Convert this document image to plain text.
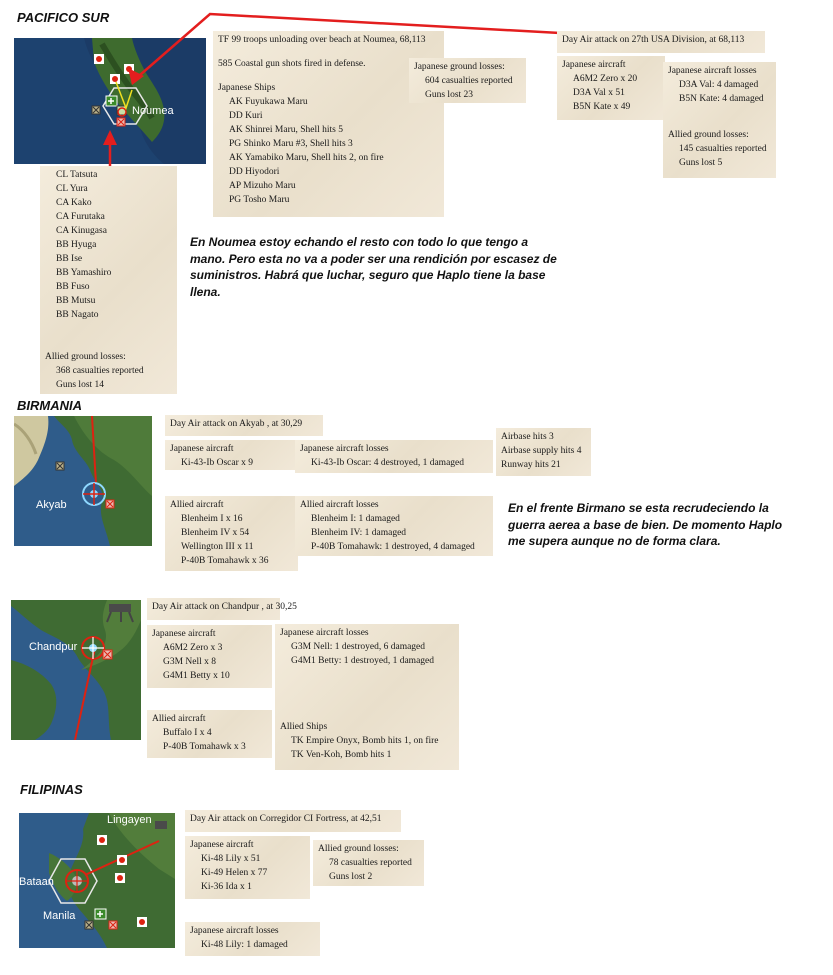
PACIFICO SUR
Noumea
TF 99 troops unloading over beach at Noumea, 68,113
585 Coastal gun shots fired in defense.
Japanese Ships
AK Fuyukawa Maru
DD Kuri
AK Shinrei Maru, Shell hits 5
PG Shinko Maru #3, Shell hits 3
AK Yamabiko Maru, Shell hits 2, on fire
DD Hiyodori
AP Mizuho Maru
PG Tosho Maru
Japanese ground losses:
604 casualties reported
Guns lost 23
CL Tatsuta
CL Yura
CA Kako
CA Furutaka
CA Kinugasa
BB Hyuga
BB Ise
BB Yamashiro
BB Fuso
BB Mutsu
BB Nagato
Allied ground losses:
368 casualties reported
Guns lost 14
Day Air attack on 27th USA Division, at 68,113
Japanese aircraft
A6M2 Zero x 20
D3A Val x 51
B5N Kate x 49
Japanese aircraft losses
D3A Val: 4 damaged
B5N Kate: 4 damaged
Allied ground losses:
145 casualties reported
Guns lost 5
En Noumea estoy echando el resto con todo lo que tengo a mano. Pero esta no va a poder ser una rendición por escasez de suministros. Habrá que luchar, seguro que Haplo tiene la base llena.
BIRMANIA
Akyab
Day Air attack on Akyab , at 30,29
Japanese aircraft
Ki-43-Ib Oscar x 9
Allied aircraft
Blenheim I x 16
Blenheim IV x 54
Wellington III x 11
P-40B Tomahawk x 36
Japanese aircraft losses
Ki-43-Ib Oscar: 4 destroyed, 1 damaged
Allied aircraft losses
Blenheim I: 1 damaged
Blenheim IV: 1 damaged
P-40B Tomahawk: 1 destroyed, 4 damaged
Airbase hits 3
Airbase supply hits 4
Runway hits 21
En el frente Birmano se esta recrudeciendo la guerra aerea a base de bien. De momento Haplo me supera aunque no de forma clara.
Chandpur
Day Air attack on Chandpur , at 30,25
Japanese aircraft
A6M2 Zero x 3
G3M Nell x 8
G4M1 Betty x 10
Allied aircraft
Buffalo I x 4
P-40B Tomahawk x 3
Japanese aircraft losses
G3M Nell: 1 destroyed, 6 damaged
G4M1 Betty: 1 destroyed, 1 damaged
Allied Ships
TK Empire Onyx, Bomb hits 1, on fire
TK Ven-Koh, Bomb hits 1
FILIPINAS
Lingayen
Bataan
Manila
Day Air attack on Corregidor CI Fortress, at 42,51
Japanese aircraft
Ki-48 Lily x 51
Ki-49 Helen x 77
Ki-36 Ida x 1
Allied ground losses:
78 casualties reported
Guns lost 2
Japanese aircraft losses
Ki-48 Lily: 1 damaged
